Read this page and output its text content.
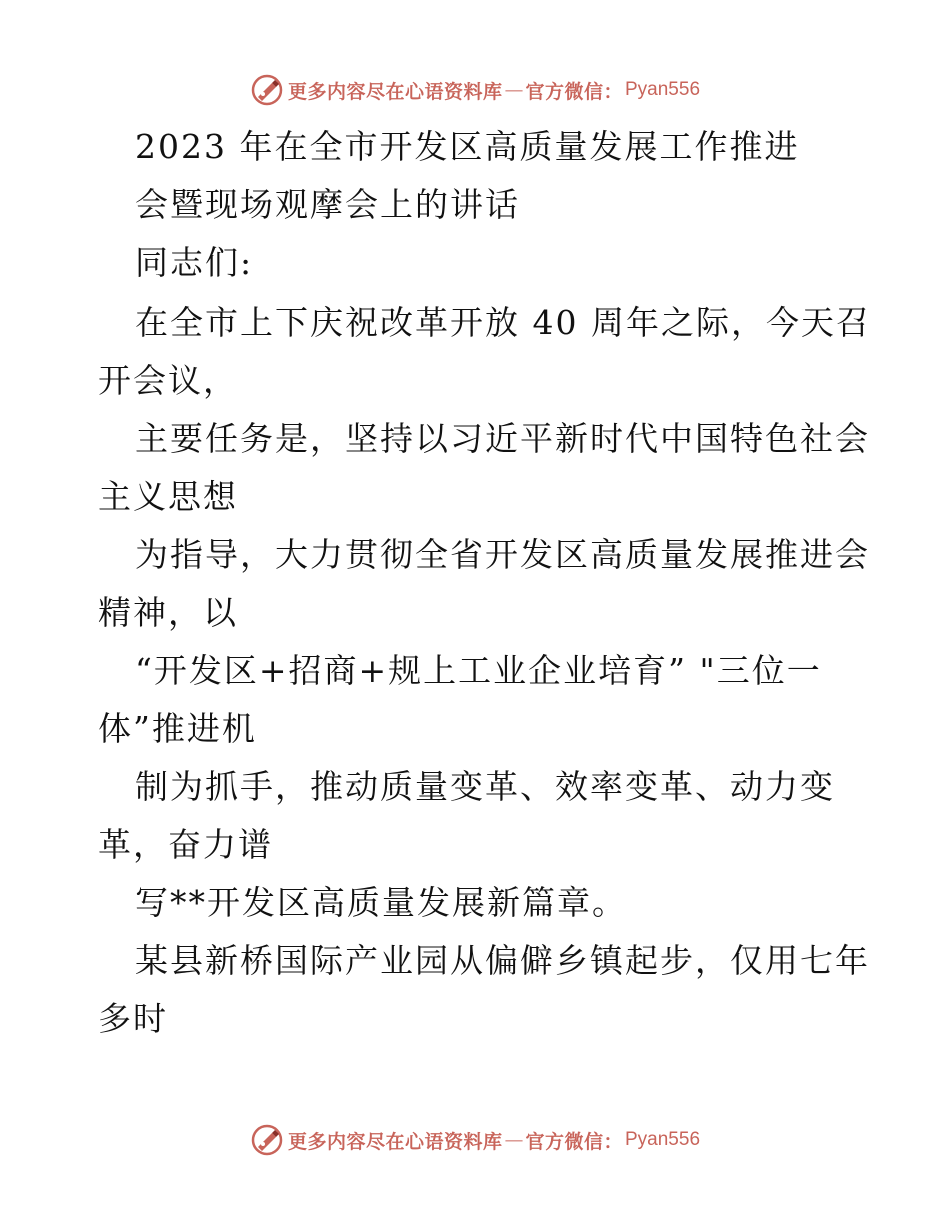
更多内容尽在心语资料库 — 官方微信： Pyan556
2023 年在全市开发区高质量发展工作推进
会暨现场观摩会上的讲话
同志们:
在全市上下庆祝改革开放 40 周年之际，今天召
开会议，
主要任务是，坚持以习近平新时代中国特色社会
主义思想
为指导，大力贯彻全省开发区高质量发展推进会
精神，以
“开发区+招商+规上工业企业培育” "三位一
体”推进机
制为抓手，推动质量变革、效率变革、动力变
革，奋力谱
写**开发区高质量发展新篇章。
某县新桥国际产业园从偏僻乡镇起步，仅用七年
多时
更多内容尽在心语资料库 — 官方微信： Pyan556
